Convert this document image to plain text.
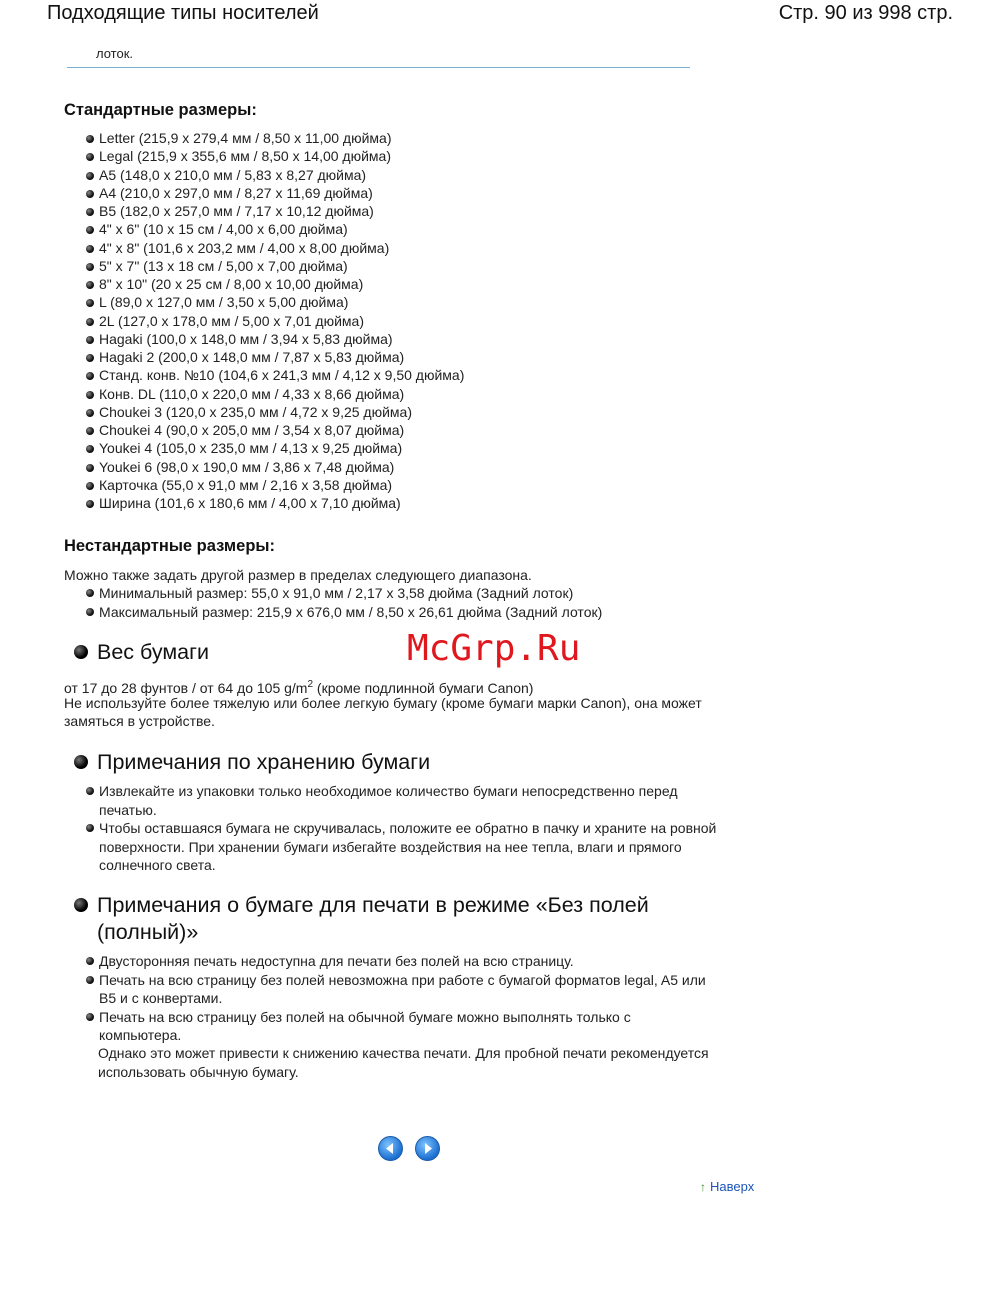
Подходящие типы носителей	Стр. 90 из 998 стр.
лоток.
Стандартные размеры:
Letter (215,9 x 279,4 мм / 8,50 x 11,00 дюйма)
Legal (215,9 x 355,6 мм / 8,50 x 14,00 дюйма)
A5 (148,0 x 210,0 мм / 5,83 x 8,27 дюйма)
A4 (210,0 x 297,0 мм / 8,27 x 11,69 дюйма)
B5 (182,0 x 257,0 мм / 7,17 x 10,12 дюйма)
4" x 6" (10 x 15 см / 4,00 x 6,00 дюйма)
4" x 8" (101,6 x 203,2 мм / 4,00 x 8,00 дюйма)
5" x 7" (13 x 18 см / 5,00 x 7,00 дюйма)
8" x 10" (20 x 25 см / 8,00 x 10,00 дюйма)
L (89,0 x 127,0 мм / 3,50 x 5,00 дюйма)
2L (127,0 x 178,0 мм / 5,00 x 7,01 дюйма)
Hagaki (100,0 x 148,0 мм / 3,94 x 5,83 дюйма)
Hagaki 2 (200,0 x 148,0 мм / 7,87 x 5,83 дюйма)
Станд. конв. №10 (104,6 x 241,3 мм / 4,12 x 9,50 дюйма)
Конв. DL (110,0 x 220,0 мм / 4,33 x 8,66 дюйма)
Choukei 3 (120,0 x 235,0 мм / 4,72 x 9,25 дюйма)
Choukei 4 (90,0 x 205,0 мм / 3,54 x 8,07 дюйма)
Youkei 4 (105,0 x 235,0 мм / 4,13 x 9,25 дюйма)
Youkei 6 (98,0 x 190,0 мм / 3,86 x 7,48 дюйма)
Карточка (55,0 x 91,0 мм / 2,16 x 3,58 дюйма)
Ширина (101,6 x 180,6 мм / 4,00 x 7,10 дюйма)
Нестандартные размеры:
Можно также задать другой размер в пределах следующего диапазона.
Минимальный размер: 55,0 x 91,0 мм / 2,17 x 3,58 дюйма (Задний лоток)
Максимальный размер: 215,9 x 676,0 мм / 8,50 x 26,61 дюйма (Задний лоток)
McGrp.Ru
Вес бумаги
от 17 до 28 фунтов / от 64 до 105 $g/m^2$ (кроме подлинной бумаги Canon)
Не используйте более тяжелую или более легкую бумагу (кроме бумаги марки Canon), она может
замяться в устройстве.
Примечания по хранению бумаги
Извлекайте из упаковки только необходимое количество бумаги непосредственно перед
печатью.
Чтобы оставшаяся бумага не скручивалась, положите ее обратно в пачку и храните на ровной
поверхности. При хранении бумаги избегайте воздействия на нее тепла, влаги и прямого
солнечного света.
Примечания о бумаге для печати в режиме «Без полей
(полный)»
Двусторонняя печать недоступна для печати без полей на всю страницу.
Печать на всю страницу без полей невозможна при работе с бумагой форматов legal, A5 или
B5 и с конвертами.
Печать на всю страницу без полей на обычной бумаге можно выполнять только с
компьютера.
Однако это может привести к снижению качества печати. Для пробной печати рекомендуется
использовать обычную бумагу.
↑ Наверх
